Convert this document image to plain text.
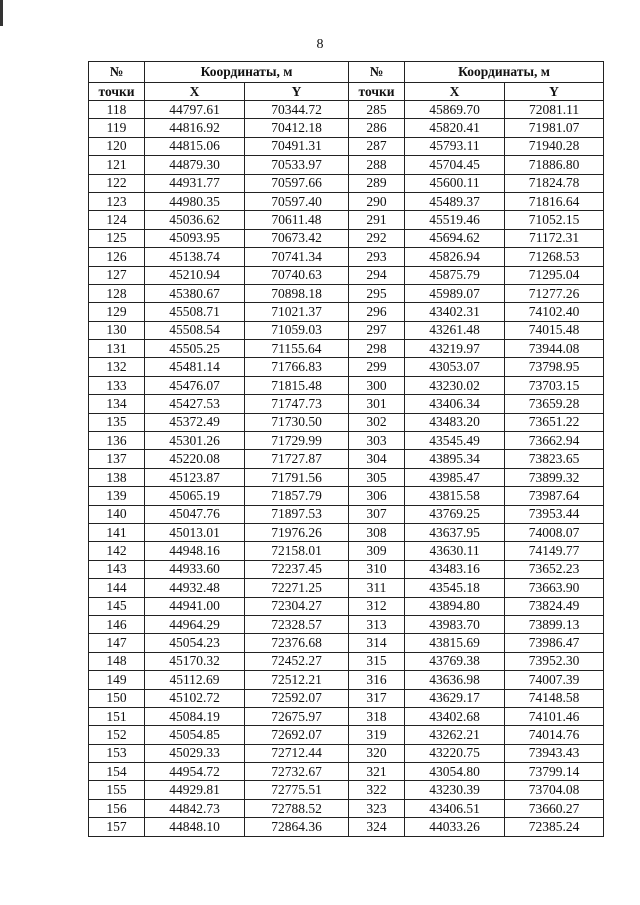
8
№	Координаты, м		№	Координаты, м	
точки	X	Y	точки	X	Y
118	44797.61	70344.72	285	45869.70	72081.11
119	44816.92	70412.18	286	45820.41	71981.07
120	44815.06	70491.31	287	45793.11	71940.28
121	44879.30	70533.97	288	45704.45	71886.80
122	44931.77	70597.66	289	45600.11	71824.78
123	44980.35	70597.40	290	45489.37	71816.64
124	45036.62	70611.48	291	45519.46	71052.15
125	45093.95	70673.42	292	45694.62	71172.31
126	45138.74	70741.34	293	45826.94	71268.53
127	45210.94	70740.63	294	45875.79	71295.04
128	45380.67	70898.18	295	45989.07	71277.26
129	45508.71	71021.37	296	43402.31	74102.40
130	45508.54	71059.03	297	43261.48	74015.48
131	45505.25	71155.64	298	43219.97	73944.08
132	45481.14	71766.83	299	43053.07	73798.95
133	45476.07	71815.48	300	43230.02	73703.15
134	45427.53	71747.73	301	43406.34	73659.28
135	45372.49	71730.50	302	43483.20	73651.22
136	45301.26	71729.99	303	43545.49	73662.94
137	45220.08	71727.87	304	43895.34	73823.65
138	45123.87	71791.56	305	43985.47	73899.32
139	45065.19	71857.79	306	43815.58	73987.64
140	45047.76	71897.53	307	43769.25	73953.44
141	45013.01	71976.26	308	43637.95	74008.07
142	44948.16	72158.01	309	43630.11	74149.77
143	44933.60	72237.45	310	43483.16	73652.23
144	44932.48	72271.25	311	43545.18	73663.90
145	44941.00	72304.27	312	43894.80	73824.49
146	44964.29	72328.57	313	43983.70	73899.13
147	45054.23	72376.68	314	43815.69	73986.47
148	45170.32	72452.27	315	43769.38	73952.30
149	45112.69	72512.21	316	43636.98	74007.39
150	45102.72	72592.07	317	43629.17	74148.58
151	45084.19	72675.97	318	43402.68	74101.46
152	45054.85	72692.07	319	43262.21	74014.76
153	45029.33	72712.44	320	43220.75	73943.43
154	44954.72	72732.67	321	43054.80	73799.14
155	44929.81	72775.51	322	43230.39	73704.08
156	44842.73	72788.52	323	43406.51	73660.27
157	44848.10	72864.36	324	44033.26	72385.24
